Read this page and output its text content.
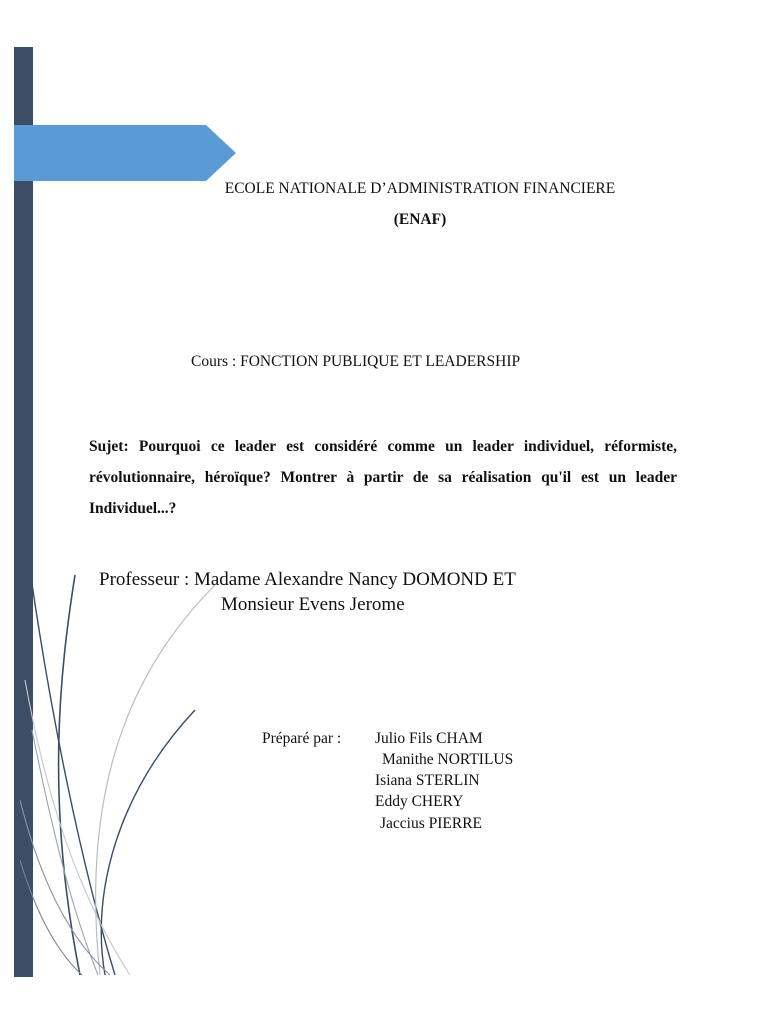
ECOLE NATIONALE D’ADMINISTRATION FINANCIERE
(ENAF)
Cours : FONCTION PUBLIQUE ET LEADERSHIP
Sujet: Pourquoi ce leader est considéré comme un leader individuel, réformiste, révolutionnaire, héroïque? Montrer à partir de sa réalisation qu'il est un leader Individuel...?
Professeur : Madame Alexandre Nancy DOMOND ET
Monsieur Evens Jerome
Préparé par : Julio Fils CHAM
Manithe NORTILUS
Isiana STERLIN
Eddy CHERY
Jaccius PIERRE
